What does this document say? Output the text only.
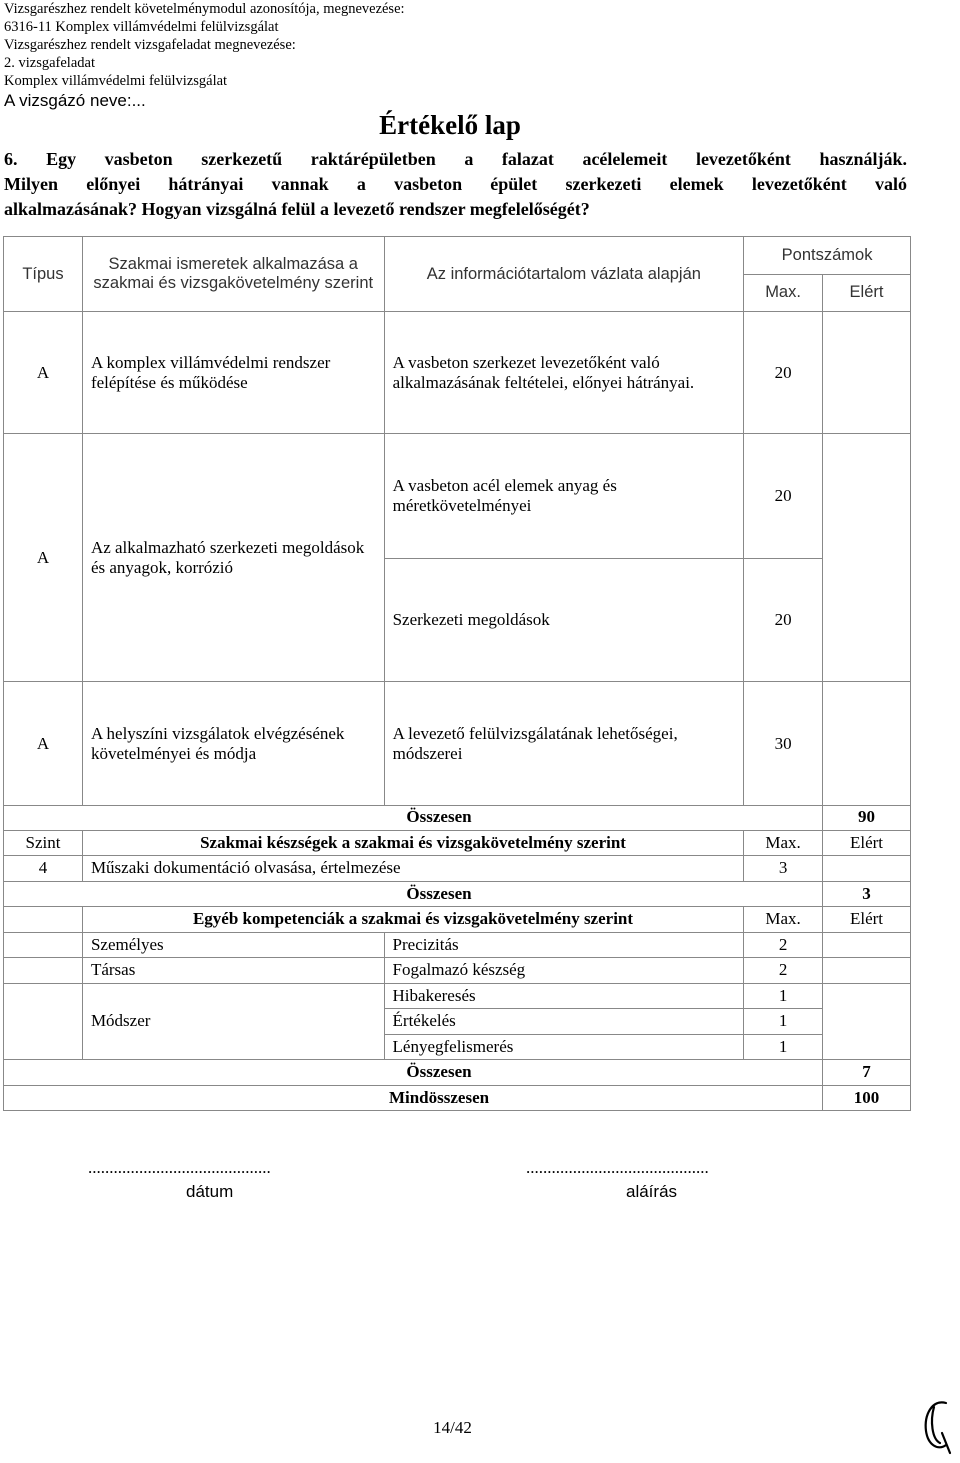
Vizsgarészhez rendelt követelménymodul azonosítója, megnevezése:
6316-11 Komplex villámvédelmi felülvizsgálat
Vizsgarészhez rendelt vizsgafeladat megnevezése:
2. vizsgafeladat
Komplex villámvédelmi felülvizsgálat
A vizsgázó neve:...
Értékelő lap
6. Egy vasbeton szerkezetű raktárépületben a falazat acélelemeit levezetőként használják.
Milyen előnyei hátrányai vannak a vasbeton épület szerkezeti elemek levezetőként való
alkalmazásának? Hogyan vizsgálná felül a levezető rendszer megfelelőségét?
Típus	Szakmai ismeretek alkalmazása a szakmai és vizsgakövetelmény szerint	Az információtartalom vázlata alapján	Pontszámok	
			Max.	Elért
A	A komplex villámvédelmi rendszer felépítése és működése	A vasbeton szerkezet levezetőként való alkalmazásának feltételei, előnyei hátrányai.	20	
A	Az alkalmazható szerkezeti megoldások és anyagok, korrózió	A vasbeton acél elemek anyag és méretkövetelményei	20	
		Szerkezeti megoldások	20	
A	A helyszíni vizsgálatok elvégzésének követelményei és módja	A levezető felülvizsgálatának lehetőségei, módszerei	30	
Összesen				90
Szint	Szakmai készségek a szakmai és vizsgakövetelmény szerint		Max.	Elért
4	Műszaki dokumentáció olvasása, értelmezése		3	
Összesen				3
	Egyéb kompetenciák a szakmai és vizsgakövetelmény szerint		Max.	Elért
	Személyes	Precizitás	2	
	Társas	Fogalmazó készség	2	
	Módszer	Hibakeresés	1	
		Értékelés	1	
		Lényegfelismerés	1	
Összesen				7
Mindösszesen				100
...........................................
dátum
...........................................
aláírás
14/42
